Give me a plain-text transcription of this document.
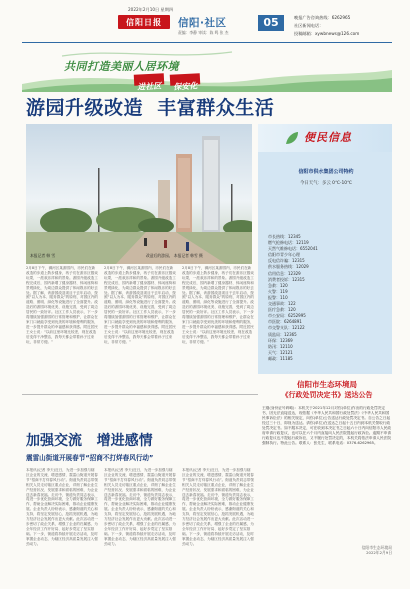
2022年2月10日 星期四
信阳日报	信阳·社区
责编：李静 审读：陈 鸣 张 杰
05	晚报广告咨询热线：6262965
社区新闻电话：
投稿邮箱：xywbnews@126.com
共同打造美丽人居环境
进社区	保安化
游园升级改造  丰富群众生活
本报记者 韩 雪	改造后的游园。 本报记者 韩雪 摄
2月8日下午，浉河区某游园内，市民们在新改造的步道上散步健身，孩子们在游乐区嬉戏玩耍，一派欢乐祥和的景象。游园升级改造工程完成后，园内新增了健身器材、休闲座椅和景观绿化，为周边群众提供了休闲娱乐的好去处。据了解，该游园改造项目于去年启动，按照“以人为本、服务群众”的原则，对园区内的道路、照明、绿化等设施进行了全面提升。改造后的游园环境优美、设施完善，受到了周边居民的一致好评。社区工作人员表示，下一步将继续加强游园的日常管理和维护，让群众在家门口就能享受到优美的环境和便利的服务，进一步提升群众的幸福感和获得感。附近居民王女士说：“以前这里环境比较差，现在改造后变得干净整洁，我每天都会带着孙子过来玩，非常方便。”
2月8日下午，浉河区某游园内，市民们在新改造的步道上散步健身，孩子们在游乐区嬉戏玩耍，一派欢乐祥和的景象。游园升级改造工程完成后，园内新增了健身器材、休闲座椅和景观绿化，为周边群众提供了休闲娱乐的好去处。据了解，该游园改造项目于去年启动，按照“以人为本、服务群众”的原则，对园区内的道路、照明、绿化等设施进行了全面提升。改造后的游园环境优美、设施完善，受到了周边居民的一致好评。社区工作人员表示，下一步将继续加强游园的日常管理和维护，让群众在家门口就能享受到优美的环境和便利的服务，进一步提升群众的幸福感和获得感。附近居民王女士说：“以前这里环境比较差，现在改造后变得干净整洁，我每天都会带着孙子过来玩，非常方便。”
2月8日下午，浉河区某游园内，市民们在新改造的步道上散步健身，孩子们在游乐区嬉戏玩耍，一派欢乐祥和的景象。游园升级改造工程完成后，园内新增了健身器材、休闲座椅和景观绿化，为周边群众提供了休闲娱乐的好去处。据了解，该游园改造项目于去年启动，按照“以人为本、服务群众”的原则，对园区内的道路、照明、绿化等设施进行了全面提升。改造后的游园环境优美、设施完善，受到了周边居民的一致好评。社区工作人员表示，下一步将继续加强游园的日常管理和维护，让群众在家门口就能享受到优美的环境和便利的服务，进一步提升群众的幸福感和获得感。附近居民王女士说：“以前这里环境比较差，现在改造后变得干净整洁，我每天都会带着孙子过来玩，非常方便。”
便民信息
信阳市供水集团公司特约
今日天气：多云 0℃-10℃
市长热线：12345
燃气抢修电话：12119
天然气维修电话：6552041
信阳市青少年心理
反电信诈骗：12315
供水服务热线：12029
信用信息：12329
消费者投诉：12315
急救：120
火警：119
报警：110
交通事故：122
医疗急救：120
市公安局：6252995
市医院：6264891
市交警支队：12122
质监局：12365
环保：12369
防汛：12110
天气：12121
邮政：11185
信阳市生态环境局
《行政处罚决定书》送达公告
王刚(身份证号码略)：本机关于2021年12月对你(单位)作出的行政处罚决定书，因无法直接送达，现依据《中华人民共和国行政处罚法》《中华人民共和国民事诉讼法》的相关规定，向你(单位)公告送达行政处罚决定书。自公告之日起经过三十日，即视为送达。请你(单位)在送达之日起十五日内到本机关领取行政处罚决定书。如不服本决定，可在收到本决定书之日起六十日内向信阳市人民政府申请行政复议，也可以在六个月内直接向人民法院提起行政诉讼。逾期不申请行政复议也不提起行政诉讼，又不履行处罚决定的，本机关将依法申请人民法院强制执行。特此公告。联系人：张先生，联系电话：0376-6262965。
信阳市生态环境局
2022年2月9日
加强交流   增进感情
震雷山街道开展春节“招商不打烊春风行动”
本报讯(记者 李天)近日，为进一步加强与辖区企业的交流，增进感情，震雷山街道开展春节“招商不打烊春风行动”。街道负责同志带领相关人员走访辖区重点企业，详细了解企业生产经营状况、发展需求和面临的困难，为企业送去新春祝福。走访中，街道负责同志表示，将进一步优化营商环境，全力做好服务保障工作，帮助企业解决实际困难，推动企业健康发展。企业负责人纷纷表示，感谢街道的关心和支持，将坚定发展信心，抢抓发展机遇，为地方经济社会发展作出更大贡献。此次活动进一步密切了政企关系，增强了企业的归属感，为全年经济工作开好局、起好步奠定了坚实基础。下一步，街道将持续开展走访活动，及时掌握企业动态，为辖区经济高质量发展注入强劲动力。
本报讯(记者 李天)近日，为进一步加强与辖区企业的交流，增进感情，震雷山街道开展春节“招商不打烊春风行动”。街道负责同志带领相关人员走访辖区重点企业，详细了解企业生产经营状况、发展需求和面临的困难，为企业送去新春祝福。走访中，街道负责同志表示，将进一步优化营商环境，全力做好服务保障工作，帮助企业解决实际困难，推动企业健康发展。企业负责人纷纷表示，感谢街道的关心和支持，将坚定发展信心，抢抓发展机遇，为地方经济社会发展作出更大贡献。此次活动进一步密切了政企关系，增强了企业的归属感，为全年经济工作开好局、起好步奠定了坚实基础。下一步，街道将持续开展走访活动，及时掌握企业动态，为辖区经济高质量发展注入强劲动力。
本报讯(记者 李天)近日，为进一步加强与辖区企业的交流，增进感情，震雷山街道开展春节“招商不打烊春风行动”。街道负责同志带领相关人员走访辖区重点企业，详细了解企业生产经营状况、发展需求和面临的困难，为企业送去新春祝福。走访中，街道负责同志表示，将进一步优化营商环境，全力做好服务保障工作，帮助企业解决实际困难，推动企业健康发展。企业负责人纷纷表示，感谢街道的关心和支持，将坚定发展信心，抢抓发展机遇，为地方经济社会发展作出更大贡献。此次活动进一步密切了政企关系，增强了企业的归属感，为全年经济工作开好局、起好步奠定了坚实基础。下一步，街道将持续开展走访活动，及时掌握企业动态，为辖区经济高质量发展注入强劲动力。
